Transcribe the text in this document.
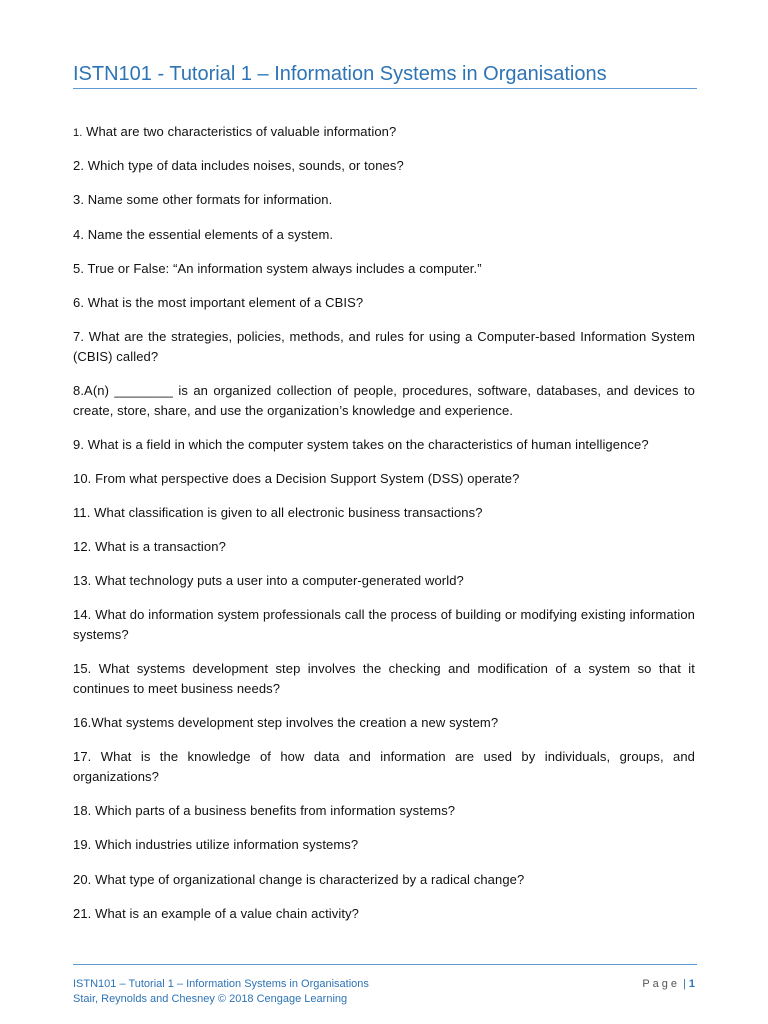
ISTN101 - Tutorial 1 – Information Systems in Organisations
1. What are two characteristics of valuable information?
2. Which type of data includes noises, sounds, or tones?
3. Name some other formats for information.
4. Name the essential elements of a system.
5. True or False: “An information system always includes a computer.”
6. What is the most important element of a CBIS?
7. What are the strategies, policies, methods, and rules for using a Computer-based Information System (CBIS) called?
8.A(n) ________ is an organized collection of people, procedures, software, databases, and devices to create, store, share, and use the organization’s knowledge and experience.
9. What is a field in which the computer system takes on the characteristics of human intelligence?
10. From what perspective does a Decision Support System (DSS) operate?
11. What classification is given to all electronic business transactions?
12. What is a transaction?
13. What technology puts a user into a computer-generated world?
14. What do information system professionals call the process of building or modifying existing information systems?
15. What systems development step involves the checking and modification of a system so that it continues to meet business needs?
16.What systems development step involves the creation a new system?
17. What is the knowledge of how data and information are used by individuals, groups, and organizations?
18. Which parts of a business benefits from information systems?
19. Which industries utilize information systems?
20. What type of organizational change is characterized by a radical change?
21. What is an example of a value chain activity?
ISTN101 – Tutorial 1 – Information Systems in Organisations
Stair, Reynolds and Chesney © 2018 Cengage Learning
Page | 1
